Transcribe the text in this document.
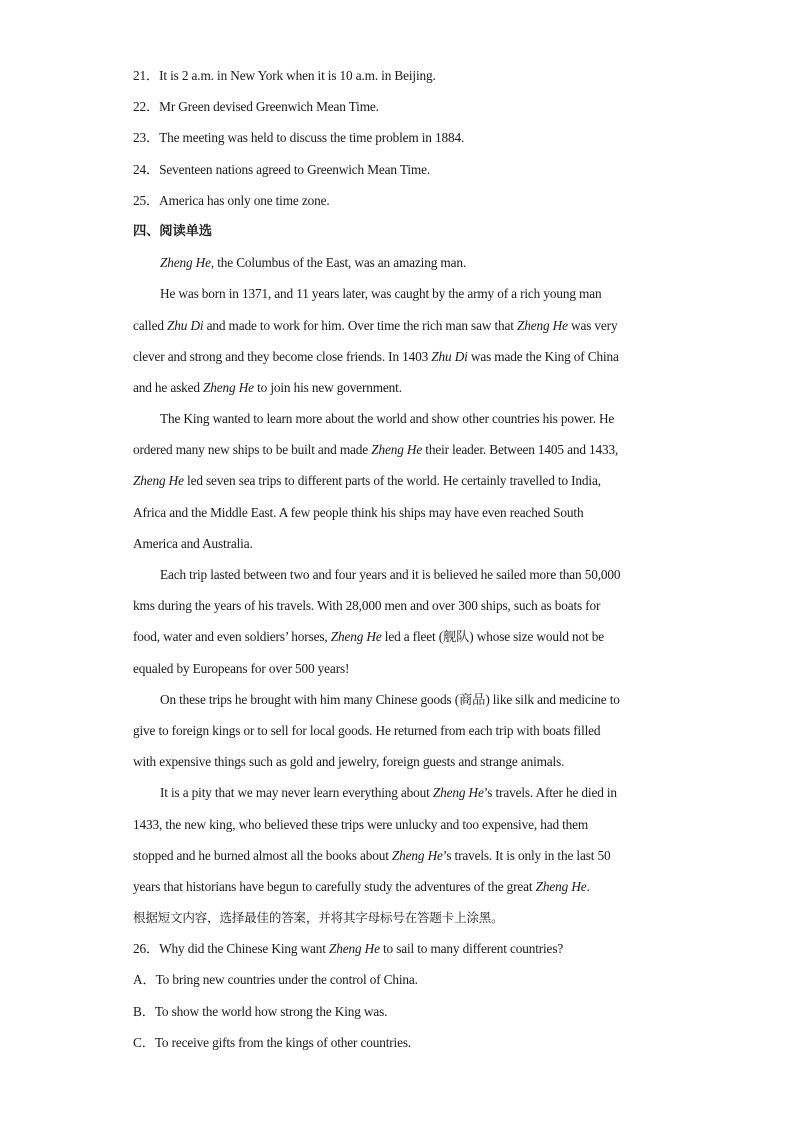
21．It is 2 a.m. in New York when it is 10 a.m. in Beijing.
22．Mr Green devised Greenwich Mean Time.
23．The meeting was held to discuss the time problem in 1884.
24．Seventeen nations agreed to Greenwich Mean Time.
25．America has only one time zone.
四、阅读单选
Zheng He, the Columbus of the East, was an amazing man.
He was born in 1371, and 11 years later, was caught by the army of a rich young man
called Zhu Di and made to work for him. Over time the rich man saw that Zheng He was very
clever and strong and they become close friends. In 1403 Zhu Di was made the King of China
and he asked Zheng He to join his new government.
The King wanted to learn more about the world and show other countries his power. He
ordered many new ships to be built and made Zheng He their leader. Between 1405 and 1433,
Zheng He led seven sea trips to different parts of the world. He certainly travelled to India,
Africa and the Middle East. A few people think his ships may have even reached South
America and Australia.
Each trip lasted between two and four years and it is believed he sailed more than 50,000
kms during the years of his travels. With 28,000 men and over 300 ships, such as boats for
food, water and even soldiers’ horses, Zheng He led a fleet (舰队) whose size would not be
equaled by Europeans for over 500 years!
On these trips he brought with him many Chinese goods (商品) like silk and medicine to
give to foreign kings or to sell for local goods. He returned from each trip with boats filled
with expensive things such as gold and jewelry, foreign guests and strange animals.
It is a pity that we may never learn everything about Zheng He’s travels. After he died in
1433, the new king, who believed these trips were unlucky and too expensive, had them
stopped and he burned almost all the books about Zheng He’s travels. It is only in the last 50
years that historians have begun to carefully study the adventures of the great Zheng He.
根据短文内容，选择最佳的答案，并将其字母标号在答题卡上涂黑。
26．Why did the Chinese King want Zheng He to sail to many different countries?
A．To bring new countries under the control of China.
B．To show the world how strong the King was.
C．To receive gifts from the kings of other countries.
